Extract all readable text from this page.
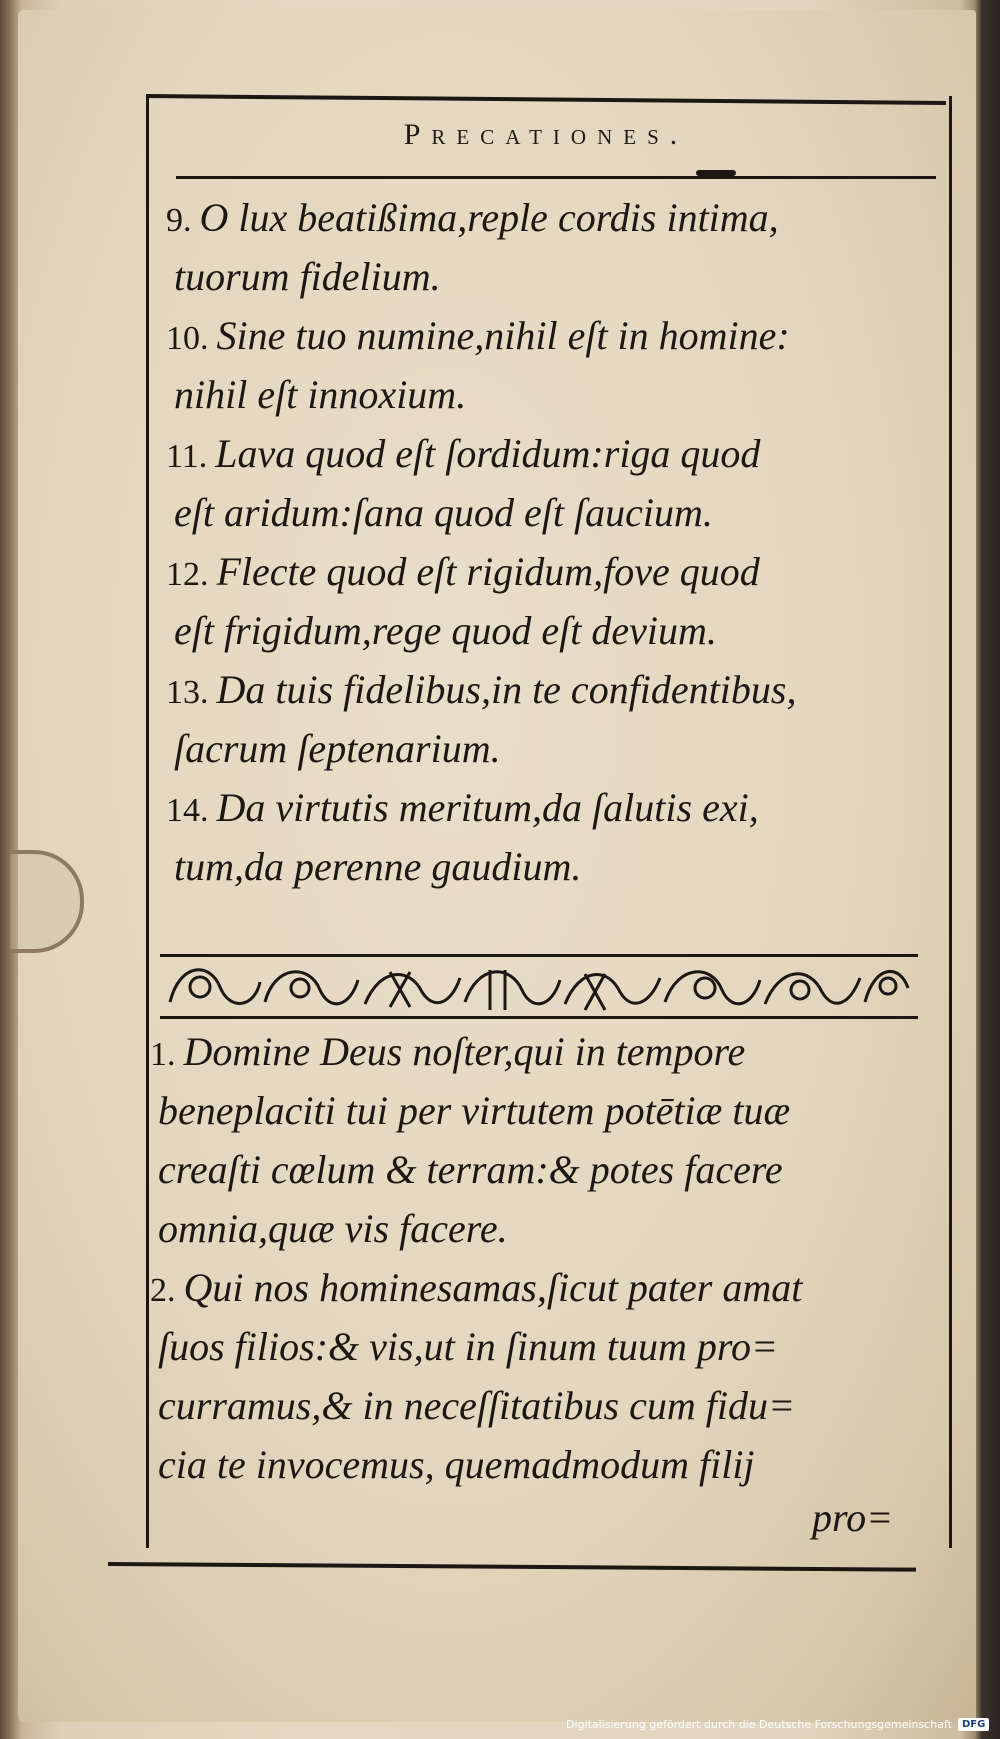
Precationes.
9. O lux beatißima,reple cordis intima,
tuorum fidelium.
10. Sine tuo numine,nihil eſt in homine:
nihil eſt innoxium.
11. Lava quod eſt ſordidum:riga quod
eſt aridum:ſana quod eſt ſaucium.
12. Flecte quod eſt rigidum,fove quod
eſt frigidum,rege quod eſt devium.
13. Da tuis fidelibus,in te confidentibus,
ſacrum ſeptenarium.
14. Da virtutis meritum,da ſalutis exi,
tum,da perenne gaudium.
1. Domine Deus noſter,qui in tempore
beneplaciti tui per virtutem potētiæ tuæ
creaſti cœlum & terram:& potes facere
omnia,quæ vis facere.
2. Qui nos hominesamas,ſicut pater amat
ſuos filios:& vis,ut in ſinum tuum pro=
curramus,& in neceſſitatibus cum fidu=
cia te invocemus, quemadmodum filij
pro=
Digitalisierung gefördert durch die Deutsche Forschungsgemeinschaft	DFG
